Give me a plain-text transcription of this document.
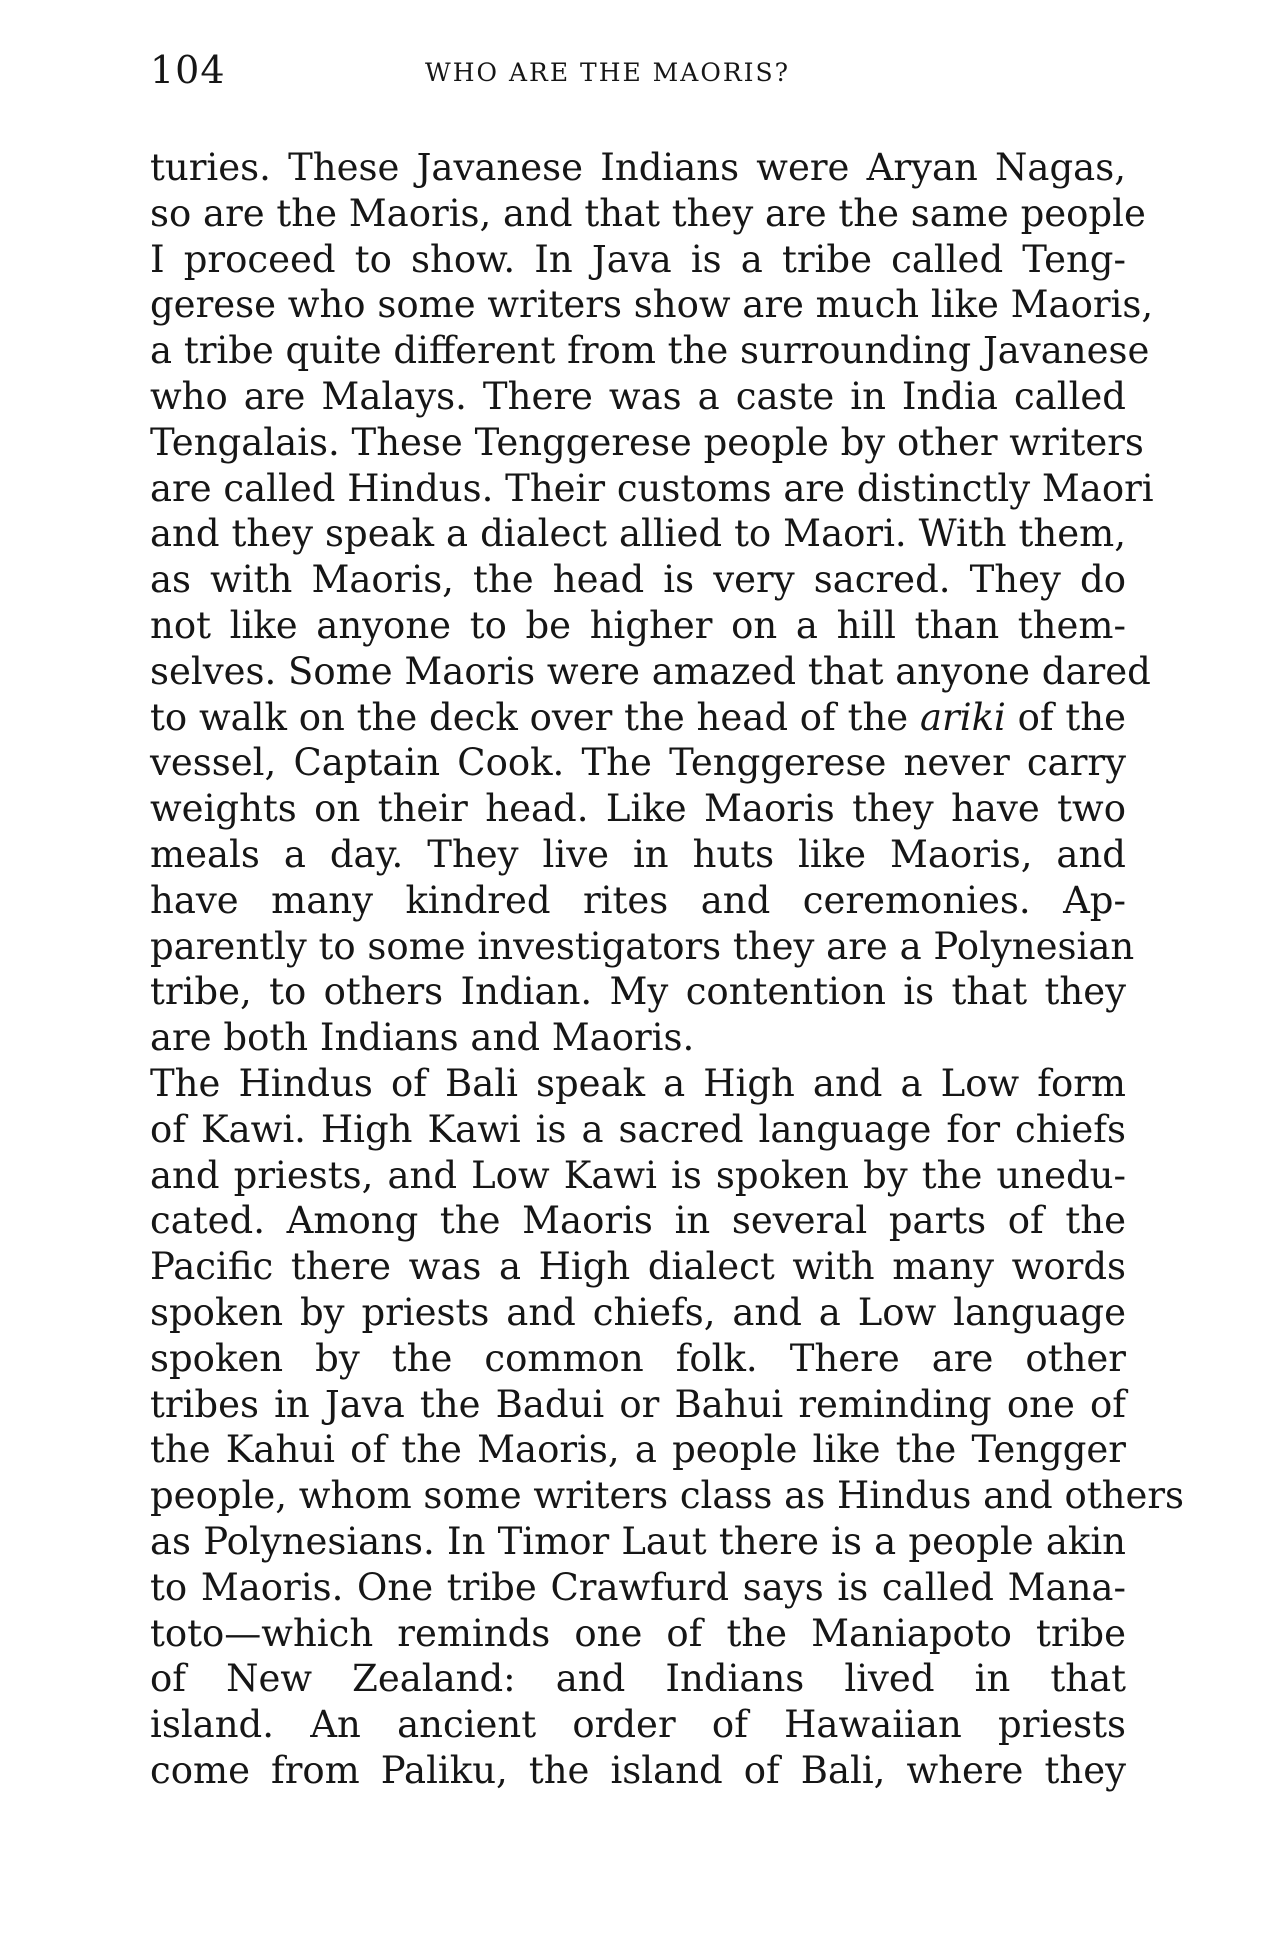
104	WHO ARE THE MAORIS?
turies. These Javanese Indians were Aryan Nagas,
so are the Maoris, and that they are the same people
I proceed to show. In Java is a tribe called Teng-
gerese who some writers show are much like Maoris,
a tribe quite different from the surrounding Javanese
who are Malays. There was a caste in India called
Tengalais. These Tenggerese people by other writers
are called Hindus. Their customs are distinctly Maori
and they speak a dialect allied to Maori. With them,
as with Maoris, the head is very sacred. They do
not like anyone to be higher on a hill than them-
selves. Some Maoris were amazed that anyone dared
to walk on the deck over the head of the ariki of the
vessel, Captain Cook. The Tenggerese never carry
weights on their head. Like Maoris they have two
meals a day. They live in huts like Maoris, and
have many kindred rites and ceremonies. Ap-
parently to some investigators they are a Polynesian
tribe, to others Indian. My contention is that they
are both Indians and Maoris.
The Hindus of Bali speak a High and a Low form
of Kawi. High Kawi is a sacred language for chiefs
and priests, and Low Kawi is spoken by the unedu-
cated. Among the Maoris in several parts of the
Pacific there was a High dialect with many words
spoken by priests and chiefs, and a Low language
spoken by the common folk. There are other
tribes in Java the Badui or Bahui reminding one of
the Kahui of the Maoris, a people like the Tengger
people, whom some writers class as Hindus and others
as Polynesians. In Timor Laut there is a people akin
to Maoris. One tribe Crawfurd says is called Mana-
toto—which reminds one of the Maniapoto tribe
of New Zealand: and Indians lived in that
island. An ancient order of Hawaiian priests
come from Paliku, the island of Bali, where they
